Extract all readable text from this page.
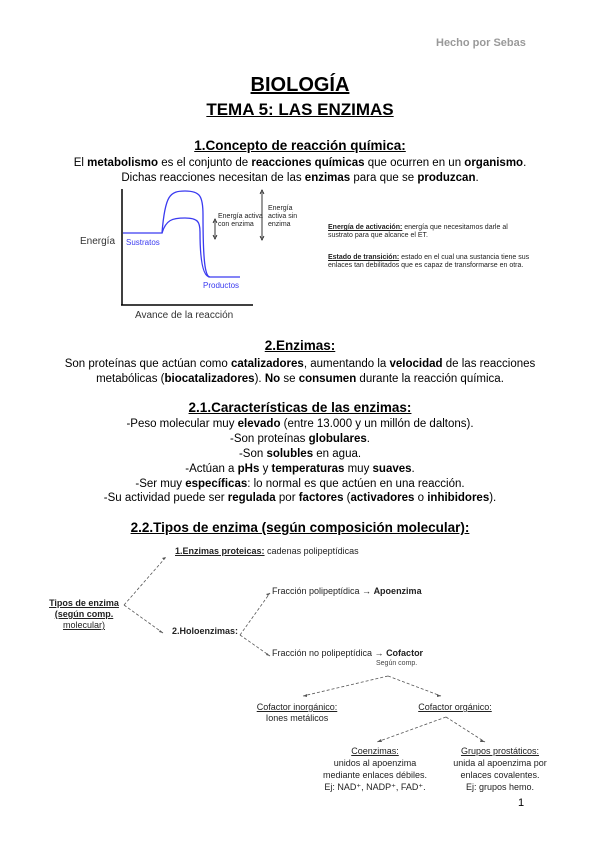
Hecho por Sebas
BIOLOGÍA
TEMA 5: LAS ENZIMAS
1.Concepto de reacción química:
El metabolismo es el conjunto de reacciones químicas que ocurren en un organismo.
Dichas reacciones necesitan de las enzimas para que se produzcan.
Energía
Avance de la reacción
Sustratos
Productos
Energía activa con enzima
Energía activa sin enzima	Energía de activación: energía que necesitamos darle al sustrato para que alcance el ET.
Estado de transición: estado en el cual una sustancia tiene sus enlaces tan debilitados que es capaz de transformarse en otra.
2.Enzimas:
Son proteínas que actúan como catalizadores, aumentando la velocidad de las reacciones
metabólicas (biocatalizadores). No se consumen durante la reacción química.
2.1.Características de las enzimas:
-Peso molecular muy elevado (entre 13.000 y un millón de daltons).
-Son proteínas globulares.
-Son solubles en agua.
-Actúan a pHs y temperaturas muy suaves.
-Ser muy específicas: lo normal es que actúen en una reacción.
-Su actividad puede ser regulada por factores (activadores o inhibidores).
2.2.Tipos de enzima (según composición molecular):
Tipos de enzima
(según comp.
molecular)
1.Enzimas proteicas: cadenas polipeptídicas
2.Holoenzimas:
Fracción polipeptídica → Apoenzima
Fracción no polipeptídica → Cofactor
Según comp.
Cofactor inorgánico:
Iones metálicos
Cofactor orgánico:
Coenzimas:
unidos al apoenzima
mediante enlaces débiles.
Ej: NAD⁺, NADP⁺, FAD⁺.
Grupos prostáticos:
unida al apoenzima por
enlaces covalentes.
Ej: grupos hemo.
1
